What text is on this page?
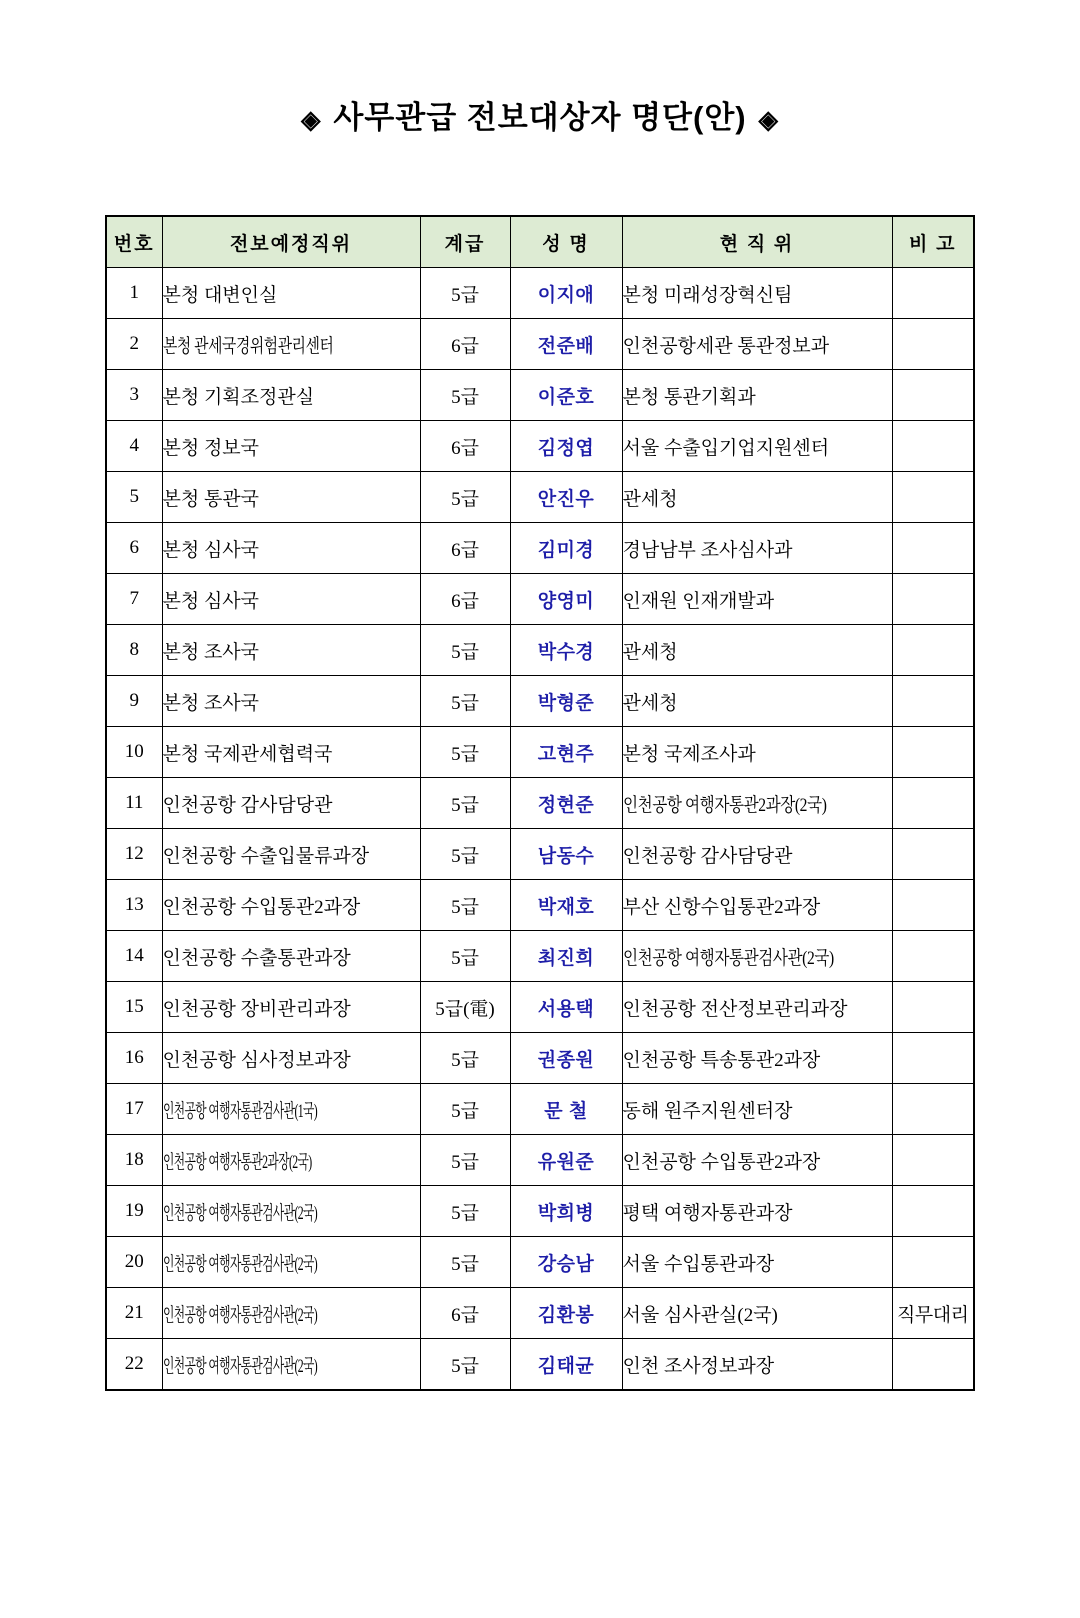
◈ 사무관급 전보대상자 명단(안) ◈
번호	전보예정직위	계급	성 명	현 직 위	비 고
1	본청 대변인실	5급	이지애	본청 미래성장혁신팀	
2	본청 관세국경위험관리센터	6급	전준배	인천공항세관 통관정보과	
3	본청 기획조정관실	5급	이준호	본청 통관기획과	
4	본청 정보국	6급	김정엽	서울 수출입기업지원센터	
5	본청 통관국	5급	안진우	관세청	
6	본청 심사국	6급	김미경	경남남부 조사심사과	
7	본청 심사국	6급	양영미	인재원 인재개발과	
8	본청 조사국	5급	박수경	관세청	
9	본청 조사국	5급	박형준	관세청	
10	본청 국제관세협력국	5급	고현주	본청 국제조사과	
11	인천공항 감사담당관	5급	정현준	인천공항 여행자통관2과장(2국)	
12	인천공항 수출입물류과장	5급	남동수	인천공항 감사담당관	
13	인천공항 수입통관2과장	5급	박재호	부산 신항수입통관2과장	
14	인천공항 수출통관과장	5급	최진희	인천공항 여행자통관검사관(2국)	
15	인천공항 장비관리과장	5급(電)	서용택	인천공항 전산정보관리과장	
16	인천공항 심사정보과장	5급	권종원	인천공항 특송통관2과장	
17	인천공항 여행자통관검사관(1국)	5급	문 철	동해 원주지원센터장	
18	인천공항 여행자통관2과장(2국)	5급	유원준	인천공항 수입통관2과장	
19	인천공항 여행자통관검사관(2국)	5급	박희병	평택 여행자통관과장	
20	인천공항 여행자통관검사관(2국)	5급	강승남	서울 수입통관과장	
21	인천공항 여행자통관검사관(2국)	6급	김환봉	서울 심사관실(2국)	직무대리
22	인천공항 여행자통관검사관(2국)	5급	김태균	인천 조사정보과장	
